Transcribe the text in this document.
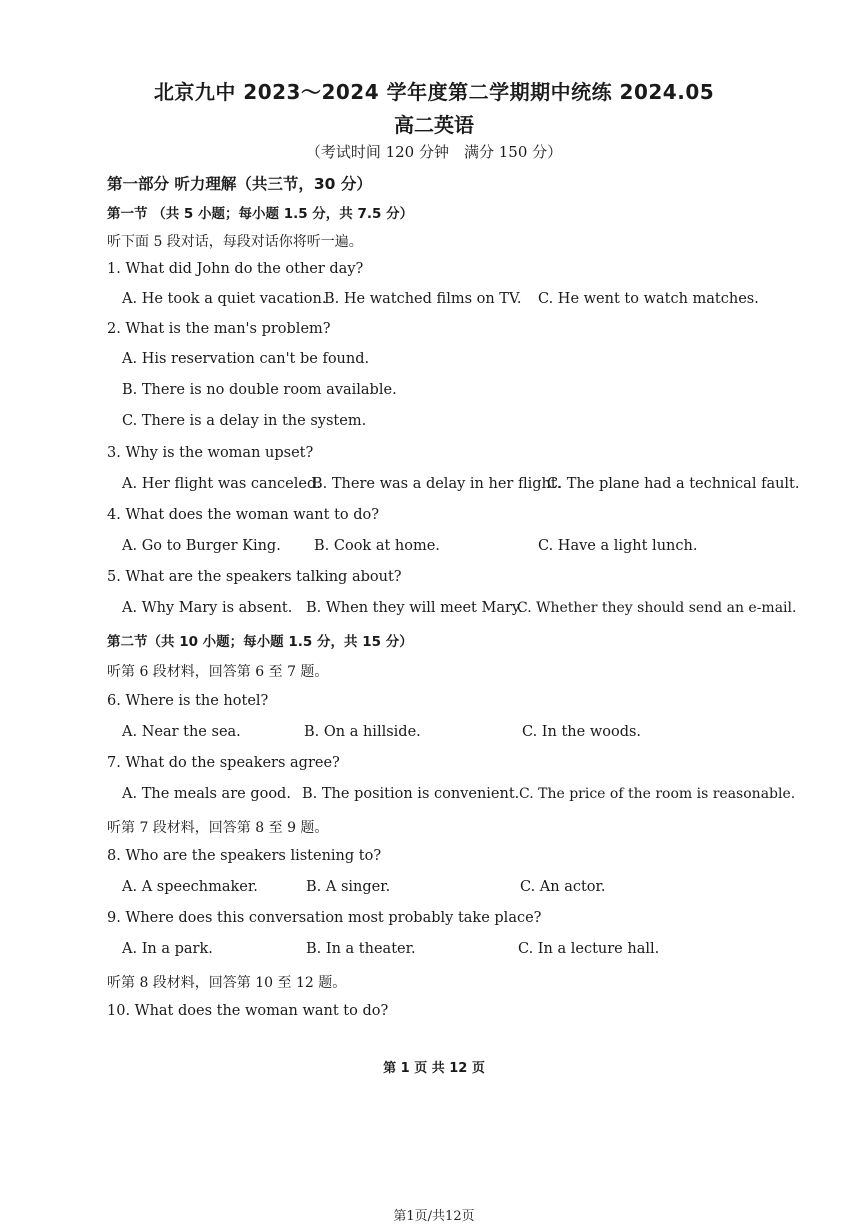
北京九中 2023～2024 学年度第二学期期中统练 2024.05
高二英语
（考试时间 120 分钟　满分 150 分）
第一部分 听力理解（共三节，30 分）
第一节 （共 5 小题；每小题 1.5 分，共 7.5 分）
听下面 5 段对话，每段对话你将听一遍。
1. What did John do the other day?
A. He took a quiet vacation.
B. He watched films on TV. C. He went to watch matches.
2. What is the man's problem?
A. His reservation can't be found.
B. There is no double room available.
C. There is a delay in the system.
3. Why is the woman upset?
A. Her flight was canceled.
B. There was a delay in her flight.
C. The plane had a technical fault.
4. What does the woman want to do?
A. Go to Burger King. B. Cook at home.	C. Have a light lunch.
5. What are the speakers talking about?
A. Why Mary is absent. B. When they will meet Mary.
C. Whether they should send an e-mail.
第二节（共 10 小题；每小题 1.5 分，共 15 分）
听第 6 段材料，回答第 6 至 7 题。
6. Where is the hotel?
A. Near the sea.	B. On a hillside.	C. In the woods.
7. What do the speakers agree?
A. The meals are good. B. The position is convenient. C. The price of the room is reasonable.
听第 7 段材料，回答第 8 至 9 题。
8. Who are the speakers listening to?
A. A speechmaker.	B. A singer.	C. An actor.
9. Where does this conversation most probably take place?
A. In a park.	B. In a theater.	C. In a lecture hall.
听第 8 段材料，回答第 10 至 12 题。
10. What does the woman want to do?
第 1 页 共 12 页
第1页/共12页
